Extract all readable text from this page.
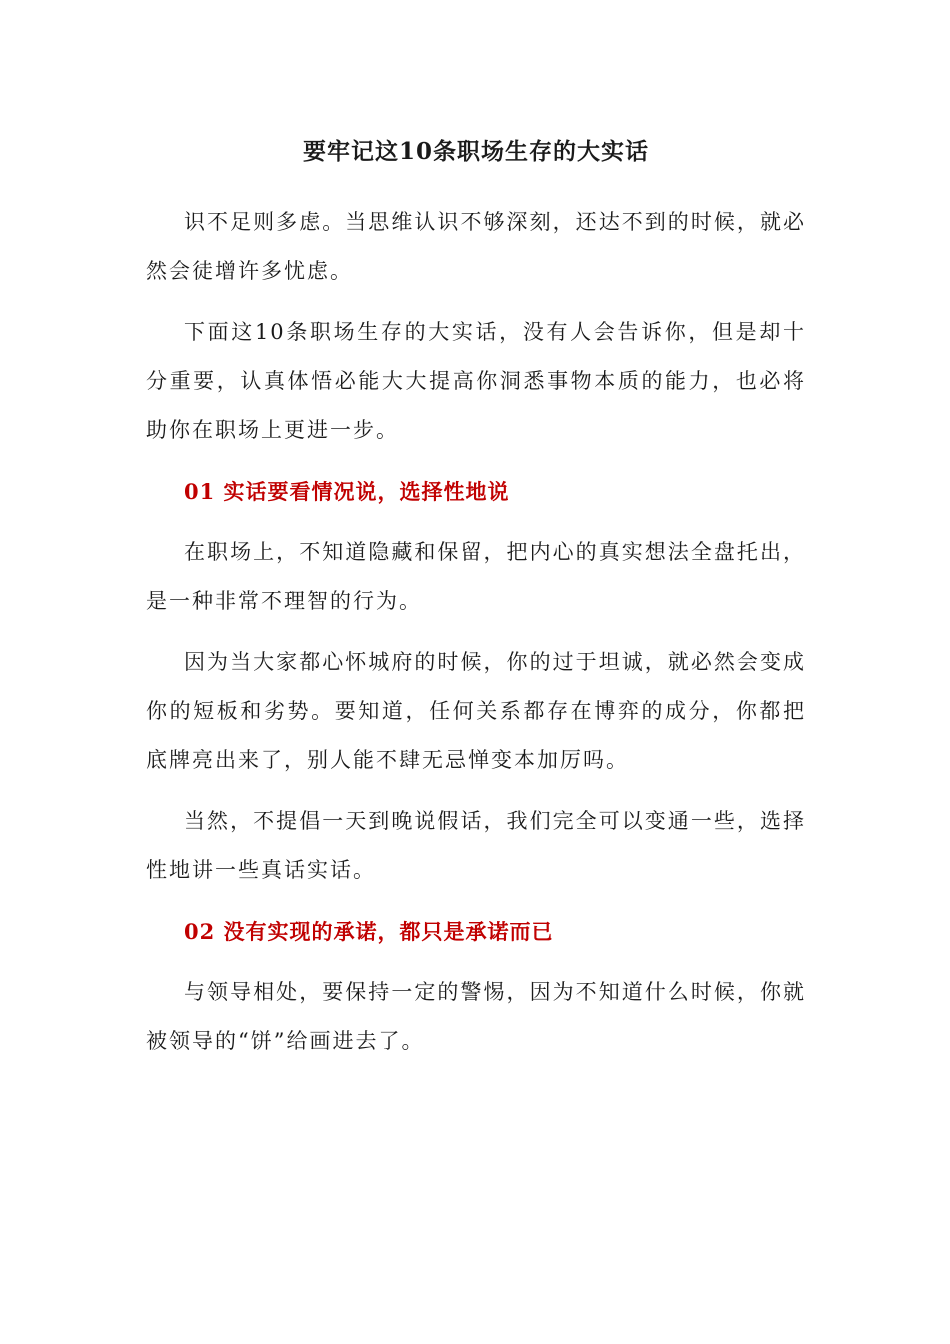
要牢记这10条职场生存的大实话

识不足则多虑。当思维认识不够深刻，还达不到的时候，就必然会徒增许多忧虑。

下面这10条职场生存的大实话，没有人会告诉你，但是却十分重要，认真体悟必能大大提高你洞悉事物本质的能力，也必将助你在职场上更进一步。

01 实话要看情况说，选择性地说

在职场上，不知道隐藏和保留，把内心的真实想法全盘托出，是一种非常不理智的行为。

因为当大家都心怀城府的时候，你的过于坦诚，就必然会变成你的短板和劣势。要知道，任何关系都存在博弈的成分，你都把底牌亮出来了，别人能不肆无忌惮变本加厉吗。

当然，不提倡一天到晚说假话，我们完全可以变通一些，选择性地讲一些真话实话。

02 没有实现的承诺，都只是承诺而已

与领导相处，要保持一定的警惕，因为不知道什么时候，你就被领导的“饼”给画进去了。
